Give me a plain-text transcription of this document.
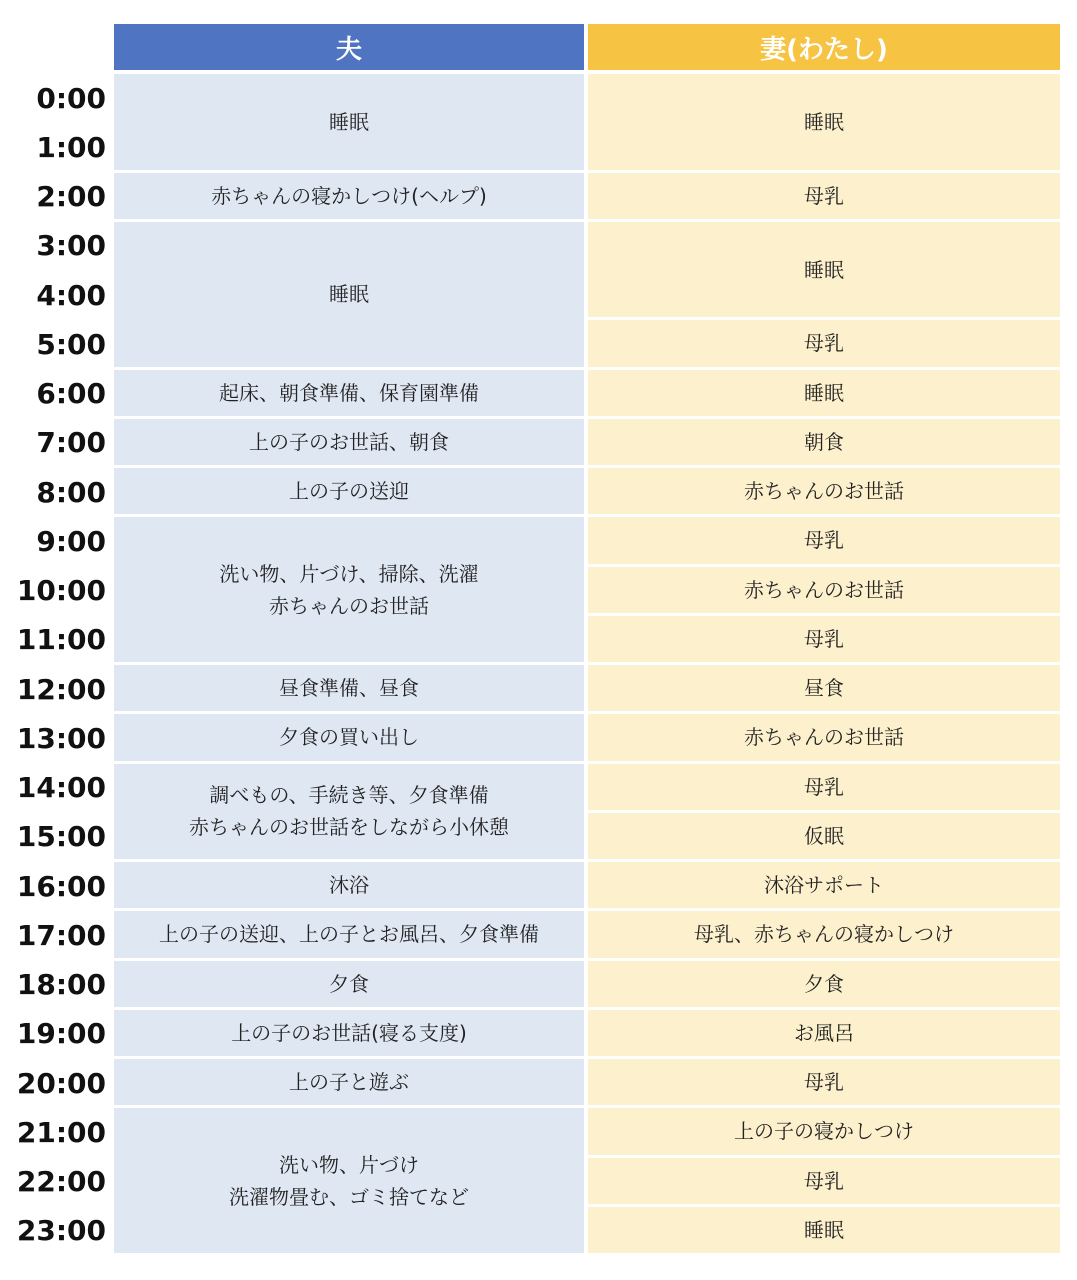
夫	妻(わたし)
0:00
1:00
2:00
3:00
4:00
5:00
6:00
7:00
8:00
9:00
10:00
11:00
12:00
13:00
14:00
15:00
16:00
17:00
18:00
19:00
20:00
21:00
22:00
23:00
睡眠
赤ちゃんの寝かしつけ(ヘルプ)
睡眠
起床、朝食準備、保育園準備
上の子のお世話、朝食
上の子の送迎
洗い物、片づけ、掃除、洗濯
赤ちゃんのお世話
昼食準備、昼食
夕食の買い出し
調べもの、手続き等、夕食準備
赤ちゃんのお世話をしながら小休憩
沐浴
上の子の送迎、上の子とお風呂、夕食準備
夕食
上の子のお世話(寝る支度)
上の子と遊ぶ
洗い物、片づけ
洗濯物畳む、ゴミ捨てなど
睡眠
母乳
睡眠
母乳
睡眠
朝食
赤ちゃんのお世話
母乳
赤ちゃんのお世話
母乳
昼食
赤ちゃんのお世話
母乳
仮眠
沐浴サポート
母乳、赤ちゃんの寝かしつけ
夕食
お風呂
母乳
上の子の寝かしつけ
母乳
睡眠
